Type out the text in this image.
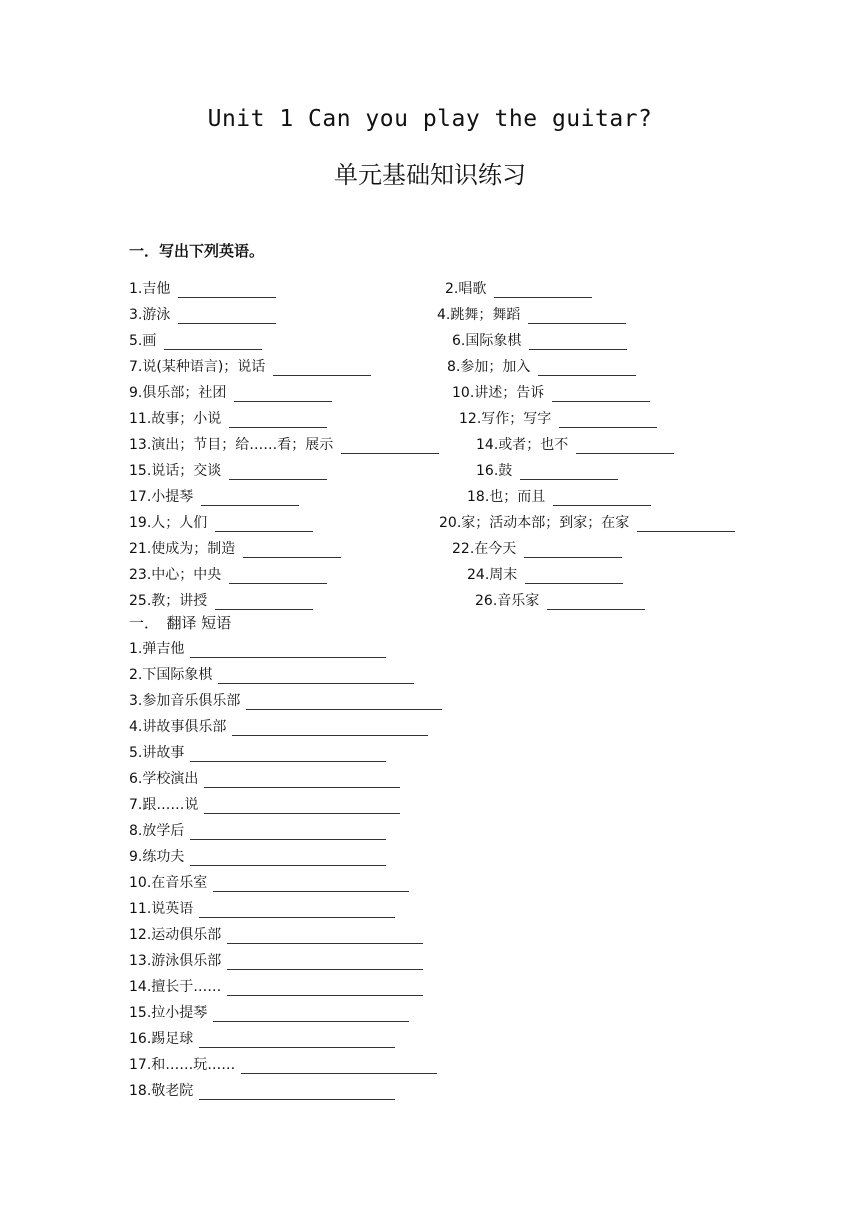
Unit 1 Can you play the guitar?
单元基础知识练习
一．写出下列英语。
1.吉他	2.唱歌
3.游泳	4.跳舞；舞蹈
5.画	6.国际象棋
7.说(某种语言)；说话	8.参加；加入
9.俱乐部；社团	10.讲述；告诉
11.故事；小说	12.写作；写字
13.演出；节目；给……看；展示	14.或者；也不
15.说话；交谈	16.鼓
17.小提琴	18.也；而且
19.人；人们	20.家；活动本部；到家；在家
21.使成为；制造	22.在今天
23.中心；中央	24.周末
25.教；讲授	26.音乐家
一．　翻译 短语
1.弹吉他
2.下国际象棋
3.参加音乐俱乐部
4.讲故事俱乐部
5.讲故事
6.学校演出
7.跟……说
8.放学后
9.练功夫
10.在音乐室
11.说英语
12.运动俱乐部
13.游泳俱乐部
14.擅长于……
15.拉小提琴
16.踢足球
17.和……玩……
18.敬老院
